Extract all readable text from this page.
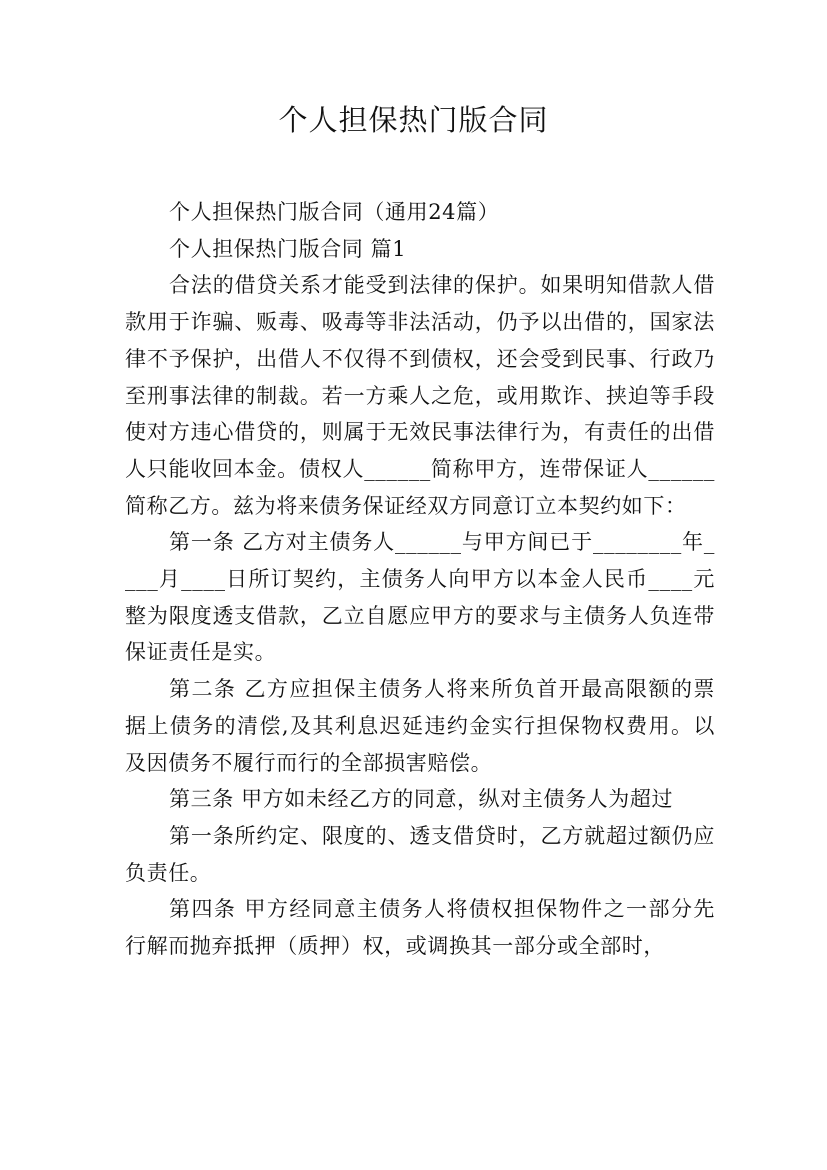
个人担保热门版合同

个人担保热门版合同（通用24篇）

个人担保热门版合同 篇1

合法的借贷关系才能受到法律的保护。如果明知借款人借款用于诈骗、贩毒、吸毒等非法活动，仍予以出借的，国家法律不予保护，出借人不仅得不到债权，还会受到民事、行政乃至刑事法律的制裁。若一方乘人之危，或用欺诈、挟迫等手段使对方违心借贷的，则属于无效民事法律行为，有责任的出借人只能收回本金。债权人______简称甲方，连带保证人______简称乙方。兹为将来债务保证经双方同意订立本契约如下：

第一条 乙方对主债务人______与甲方间已于________年____月____日所订契约，主债务人向甲方以本金人民币____元整为限度透支借款，乙立自愿应甲方的要求与主债务人负连带保证责任是实。

第二条 乙方应担保主债务人将来所负首开最高限额的票据上债务的清偿,及其利息迟延违约金实行担保物权费用。以及因债务不履行而行的全部损害赔偿。

第三条 甲方如未经乙方的同意，纵对主债务人为超过

第一条所约定、限度的、透支借贷时，乙方就超过额仍应负责任。

第四条 甲方经同意主债务人将债权担保物件之一部分先行解而抛弃抵押（质押）权，或调换其一部分或全部时，
